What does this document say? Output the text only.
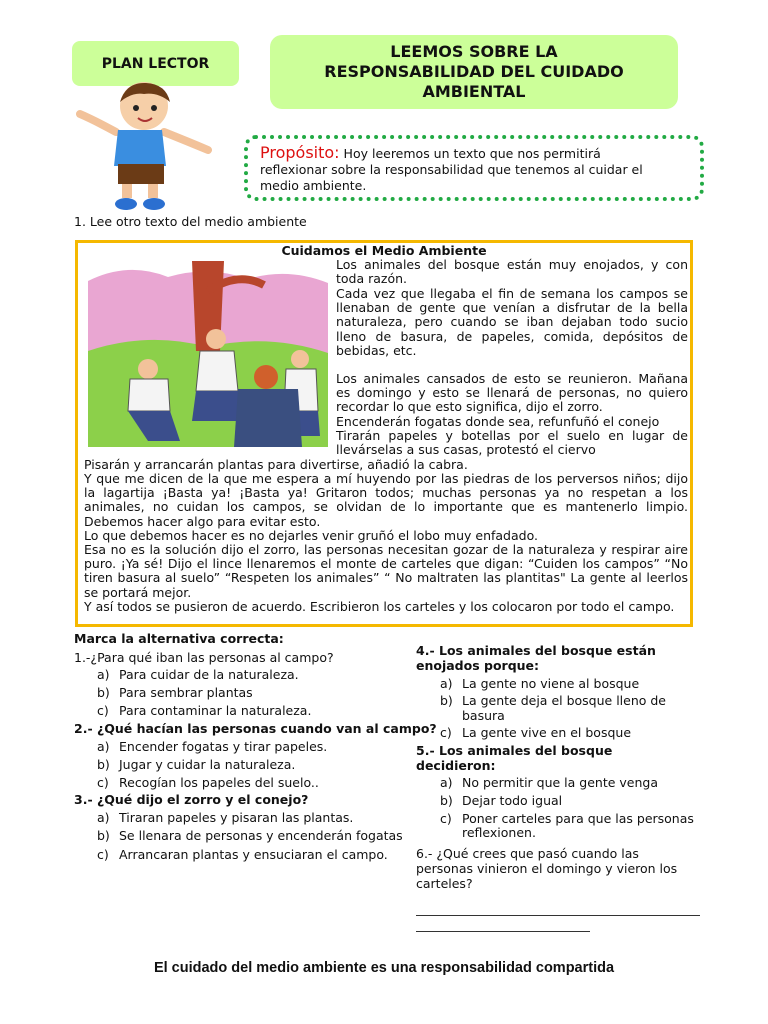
PLAN LECTOR
LEEMOS SOBRE LA
RESPONSABILIDAD DEL CUIDADO
AMBIENTAL
Propósito: Hoy leeremos un texto que nos permitirá
reflexionar sobre la responsabilidad que tenemos al cuidar el
medio ambiente.
1. Lee otro texto del medio ambiente
Cuidamos el Medio Ambiente

Los animales del bosque están muy enojados, y con toda razón.

Cada vez que llegaba el fin de semana los campos se llenaban de gente que venían a disfrutar de la bella naturaleza, pero cuando se iban dejaban todo sucio lleno de basura, de papeles, comida, depósitos de bebidas, etc.

Los animales cansados de esto se reunieron. Mañana es domingo y esto se llenará de personas, no quiero recordar lo que esto significa, dijo el zorro.

Encenderán fogatas donde sea, refunfuñó el conejo

Tirarán papeles y botellas por el suelo en lugar de llevárselas a sus casas, protestó el ciervo

Pisarán y arrancarán plantas para divertirse, añadió la cabra.

Y que me dicen de la que me espera a mí huyendo por las piedras de los perversos niños; dijo la lagartija ¡Basta ya! ¡Basta ya! Gritaron todos; muchas personas ya no respetan a los animales, no cuidan los campos, se olvidan de lo importante que es mantenerlo limpio. Debemos hacer algo para evitar esto.

Lo que debemos hacer es no dejarles venir gruñó el lobo muy enfadado.

Esa no es la solución dijo el zorro, las personas necesitan gozar de la naturaleza y respirar aire puro. ¡Ya sé! Dijo el lince llenaremos el monte de carteles que digan: “Cuiden los campos” “No tiren basura al suelo” “Respeten los animales” “ No maltraten las plantitas" La gente al leerlos se portará mejor.

Y así todos se pusieron de acuerdo. Escribieron los carteles y los colocaron por todo el campo.

Marca la alternativa correcta:
1.-¿Para qué iban las personas al campo?
a) Para cuidar de la naturaleza.
b) Para sembrar plantas
c) Para contaminar la naturaleza.
2.- ¿Qué hacían las personas cuando van al campo?
a) Encender fogatas y tirar papeles.
b) Jugar y cuidar la naturaleza.
c) Recogían los papeles del suelo..
3.- ¿Qué dijo el zorro y el conejo?
a) Tiraran papeles y pisaran las plantas.
b) Se llenara de personas y encenderán fogatas
c) Arrancaran plantas y ensuciaran el campo.
4.- Los animales del bosque están
enojados porque:
a) La gente no viene al bosque
b) La gente deja el bosque lleno de
basura
c) La gente vive en el bosque
5.- Los animales del bosque
decidieron:
a) No permitir que la gente venga
b) Dejar todo igual
c) Poner carteles para que las personas
reflexionen.
6.- ¿Qué crees que pasó cuando las
personas vinieron el domingo y vieron los
carteles?
El cuidado del medio ambiente es una responsabilidad compartida
